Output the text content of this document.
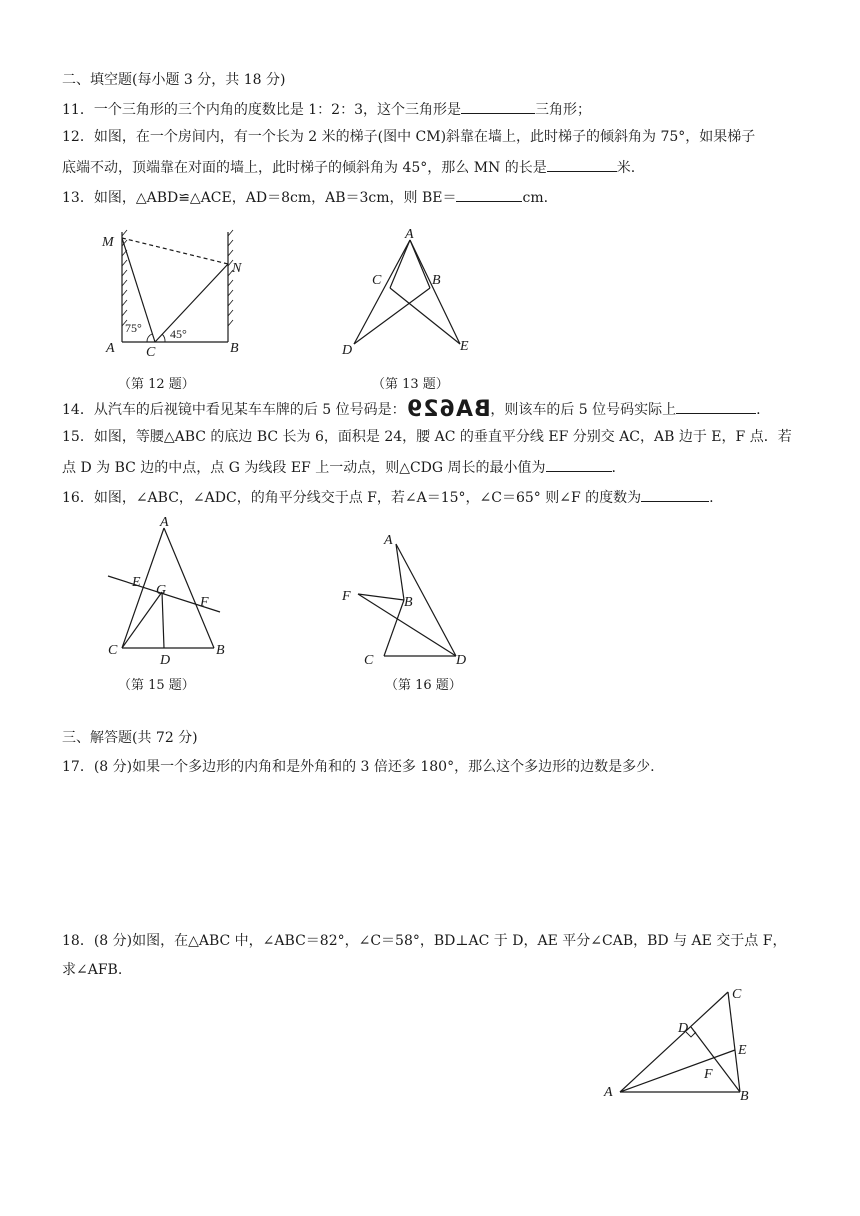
二、填空题(每小题 3 分，共 18 分)
11．一个三角形的三个内角的度数比是 1：2：3，这个三角形是	三角形；
12．如图，在一个房间内，有一个长为 2 米的梯子(图中 CM)斜靠在墙上，此时梯子的倾斜角为 75°，如果梯子
底端不动，顶端靠在对面的墙上，此时梯子的倾斜角为 45°，那么 MN 的长是	米.
13．如图，△ABD≌△ACE，AD＝8cm，AB＝3cm，则 BE＝	cm.
M
N
A C	B
75° 45°
（第 12 题）
A
C	B
D	E
（第 13 题）
14．从汽车的后视镜中看见某车车牌的后 5 位号码是：BA629，则该车的后 5 位号码实际上	.
15．如图，等腰△ABC 的底边 BC 长为 6，面积是 24，腰 AC 的垂直平分线 EF 分别交 AC，AB 边于 E，F 点．若
点 D 为 BC 边的中点，点 G 为线段 EF 上一动点，则△CDG 周长的最小值为	.
16．如图，∠ABC，∠ADC，的角平分线交于点 F，若∠A＝15°，∠C＝65° 则∠F 的度数为	.
A
E
G
F
C
D
B
（第 15 题）
A
F	B
C	D
（第 16 题）
三、解答题(共 72 分)
17．(8 分)如果一个多边形的内角和是外角和的 3 倍还多 180°，那么这个多边形的边数是多少.
18．(8 分)如图，在△ABC 中，∠ABC＝82°，∠C＝58°，BD⊥AC 于 D，AE 平分∠CAB，BD 与 AE 交于点 F，
求∠AFB.
C
D
E
F
A	B
